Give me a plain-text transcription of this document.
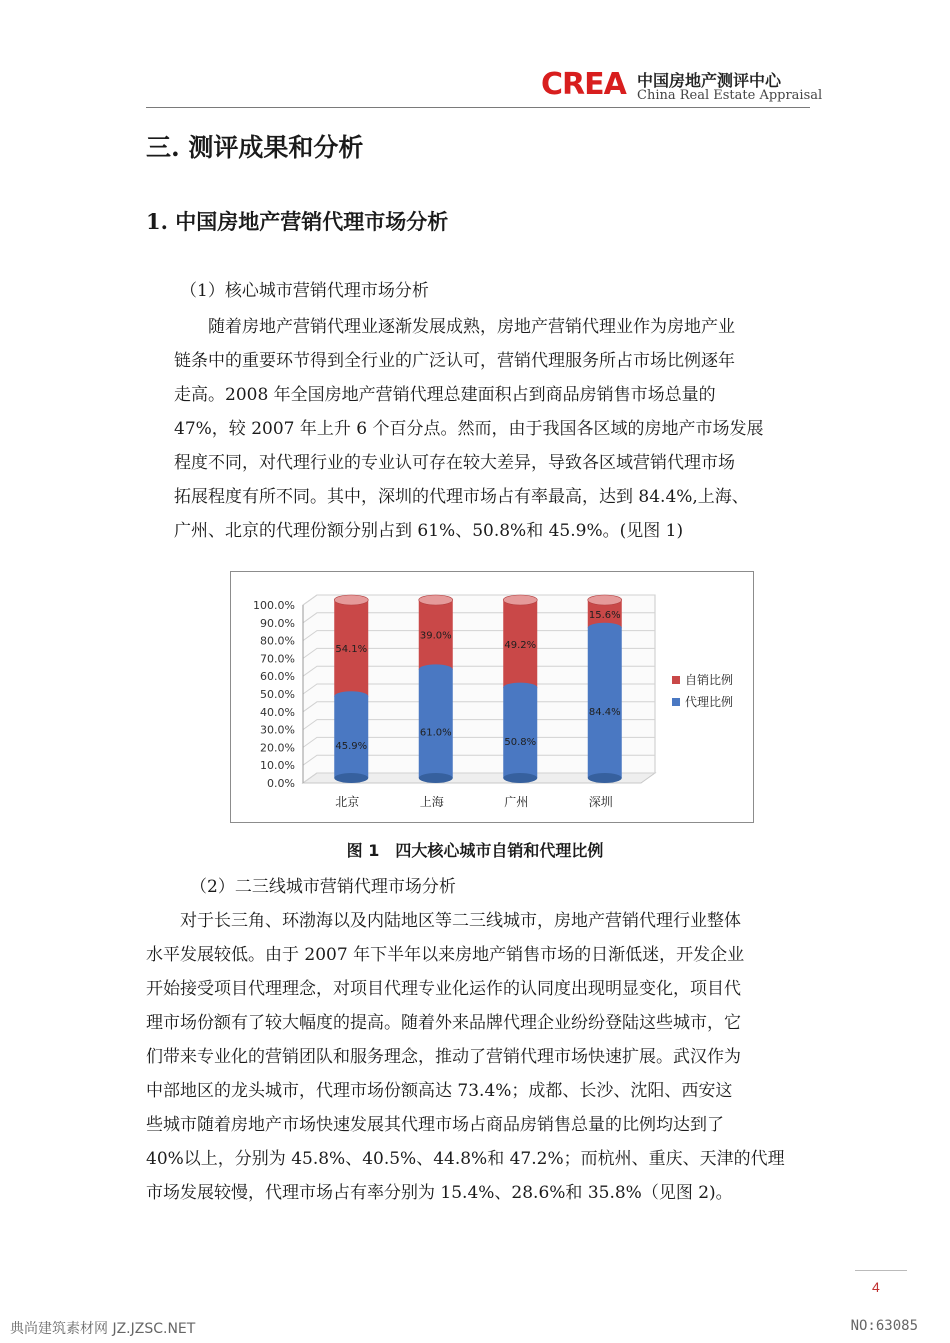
CREA 中国房地产测评中心
China Real Estate Appraisal
三. 测评成果和分析
1. 中国房地产营销代理市场分析
（1）核心城市营销代理市场分析
随着房地产营销代理业逐渐发展成熟，房地产营销代理业作为房地产业
链条中的重要环节得到全行业的广泛认可，营销代理服务所占市场比例逐年
走高。2008 年全国房地产营销代理总建面积占到商品房销售市场总量的
47%，较 2007 年上升 6 个百分点。然而，由于我国各区域的房地产市场发展
程度不同，对代理行业的专业认可存在较大差异，导致各区域营销代理市场
拓展程度有所不同。其中，深圳的代理市场占有率最高，达到 84.4%,上海、
广州、北京的代理份额分别占到 61%、50.8%和 45.9%。(见图 1)
0.0%
10.0%
20.0%
30.0%
40.0%
50.0%
60.0%
70.0%
80.0%
90.0%
100.0%
45.9%
54.1%
北京
61.0%
39.0%
上海
50.8%
49.2%
广州
84.4%
15.6%
深圳
自销比例
代理比例
图 1　四大核心城市自销和代理比例
（2）二三线城市营销代理市场分析
对于长三角、环渤海以及内陆地区等二三线城市，房地产营销代理行业整体
水平发展较低。由于 2007 年下半年以来房地产销售市场的日渐低迷，开发企业
开始接受项目代理理念，对项目代理专业化运作的认同度出现明显变化，项目代
理市场份额有了较大幅度的提高。随着外来品牌代理企业纷纷登陆这些城市，它
们带来专业化的营销团队和服务理念，推动了营销代理市场快速扩展。武汉作为
中部地区的龙头城市，代理市场份额高达 73.4%；成都、长沙、沈阳、西安这
些城市随着房地产市场快速发展其代理市场占商品房销售总量的比例均达到了
40%以上，分别为 45.8%、40.5%、44.8%和 47.2%；而杭州、重庆、天津的代理
市场发展较慢，代理市场占有率分别为 15.4%、28.6%和 35.8%（见图 2)。
4
典尚建筑素材网 JZ.JZSC.NET	NO:63085
